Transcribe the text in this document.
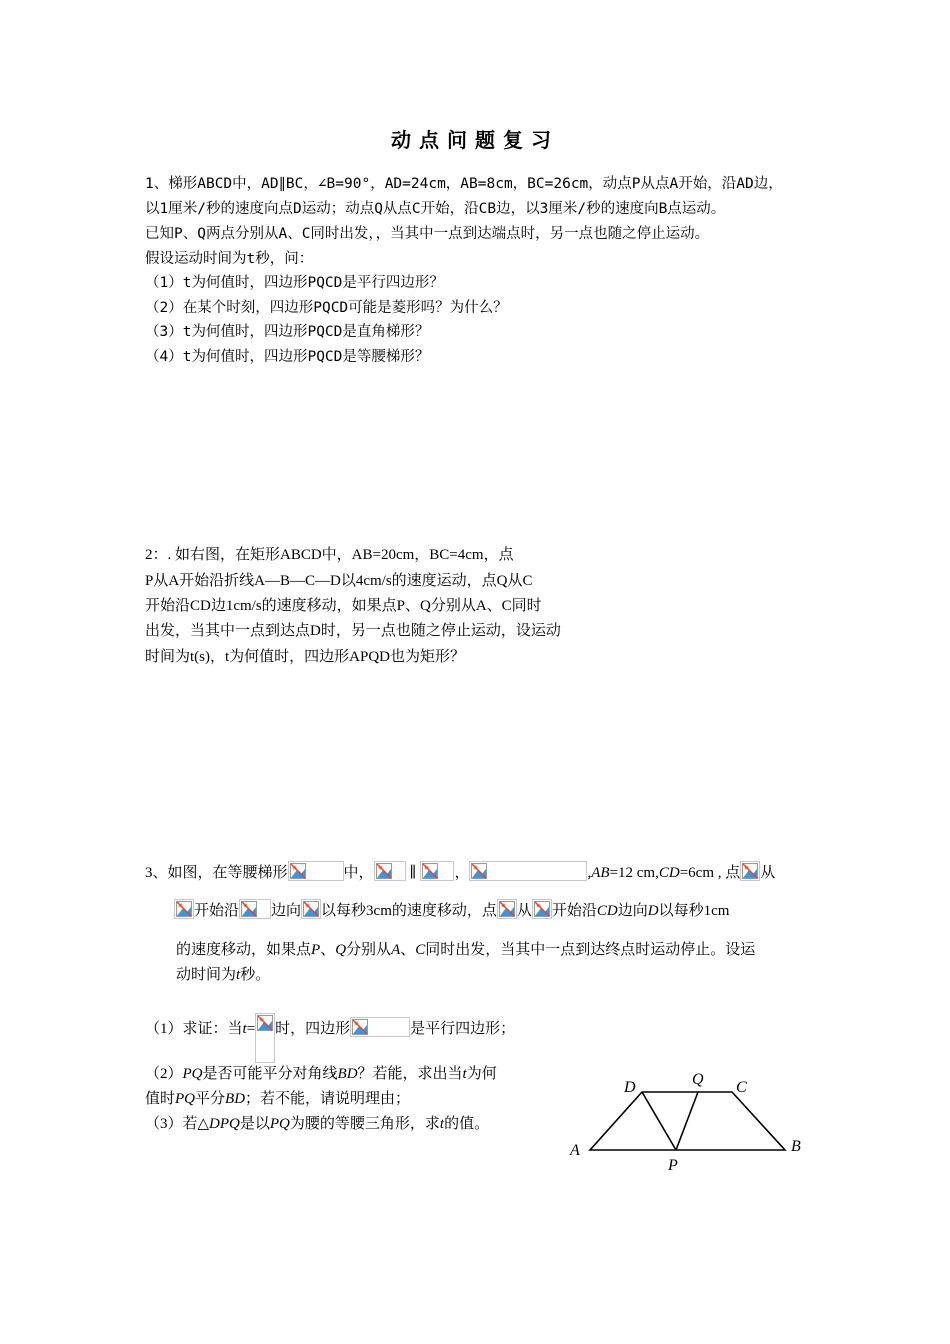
动点问题复习
1、梯形ABCD中，AD∥BC，∠B=90°，AD=24cm，AB=8cm，BC=26cm，动点P从点A开始，沿AD边，
以1厘米/秒的速度向点D运动；动点Q从点C开始，沿CB边，以3厘米/秒的速度向B点运动。
已知P、Q两点分别从A、C同时出发，，当其中一点到达端点时，另一点也随之停止运动。
假设运动时间为t秒，问：
（1）t为何值时，四边形PQCD是平行四边形？
（2）在某个时刻，四边形PQCD可能是菱形吗？为什么？
（3）t为何值时，四边形PQCD是直角梯形？
（4）t为何值时，四边形PQCD是等腰梯形？
2：. 如右图，在矩形ABCD中，AB=20cm，BC=4cm，点
P从A开始沿折线A—B—C—D以4cm/s的速度运动，点Q从C
开始沿CD边1cm/s的速度移动，如果点P、Q分别从A、C同时
出发，当其中一点到达点D时，另一点也随之停止运动，设运动
时间为t(s)，t为何值时，四边形APQD也为矩形？
3、如图，在等腰梯形	中， ∥	，	,AB=12 cm,CD=6cm , 点 从
开始沿 边向 以每秒3cm的速度移动，点 从 开始沿CD边向D以每秒1cm
的速度移动，如果点P、Q分别从A、C同时出发，当其中一点到达终点时运动停止。设运
动时间为t秒。
（1）求证：当t= 时，四边形	是平行四边形；
（2）PQ是否可能平分对角线BD？若能，求出当t为何
值时PQ平分BD；若不能，请说明理由；
（3）若△DPQ是以PQ为腰的等腰三角形，求t的值。
A	B
C
D
P
Q
